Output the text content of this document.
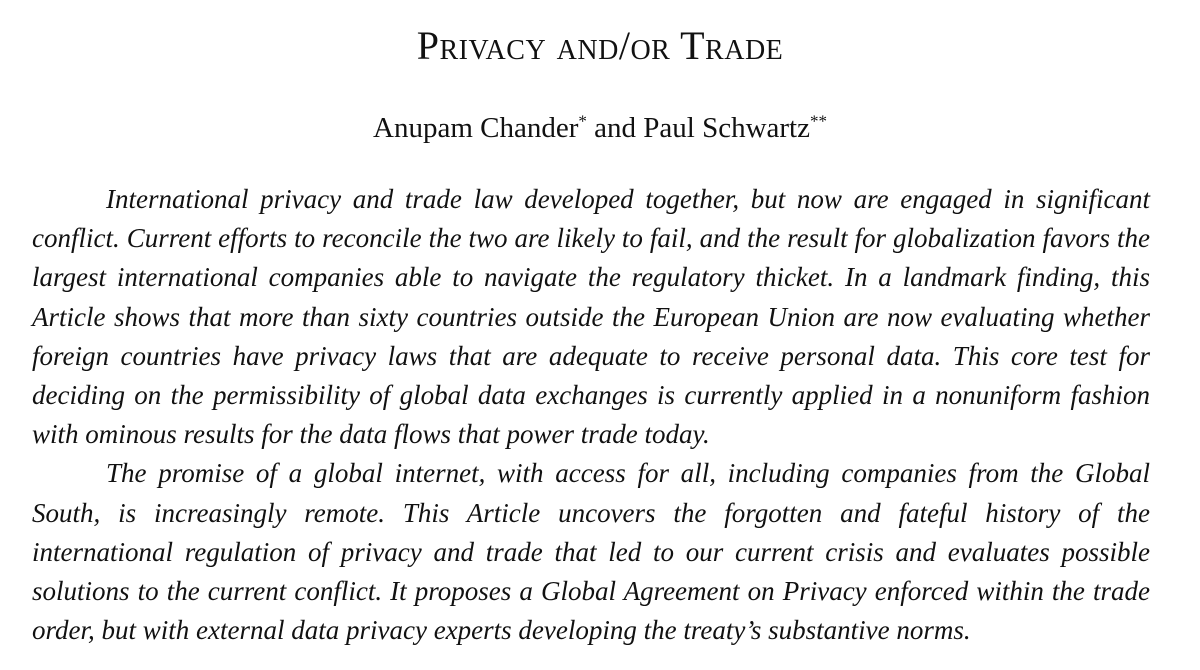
Privacy and/or Trade
Anupam Chander* and Paul Schwartz**

International privacy and trade law developed together, but now are engaged in significant conflict. Current efforts to reconcile the two are likely to fail, and the result for globalization favors the largest international companies able to navigate the regulatory thicket. In a landmark finding, this Article shows that more than sixty countries outside the European Union are now evaluating whether foreign countries have privacy laws that are adequate to receive personal data. This core test for deciding on the permissibility of global data exchanges is currently applied in a nonuniform fashion with ominous results for the data flows that power trade today.

The promise of a global internet, with access for all, including companies from the Global South, is increasingly remote. This Article uncovers the forgotten and fateful history of the international regulation of privacy and trade that led to our current crisis and evaluates possible solutions to the current conflict. It proposes a Global Agreement on Privacy enforced within the trade order, but with external data privacy experts developing the treaty’s substantive norms.
